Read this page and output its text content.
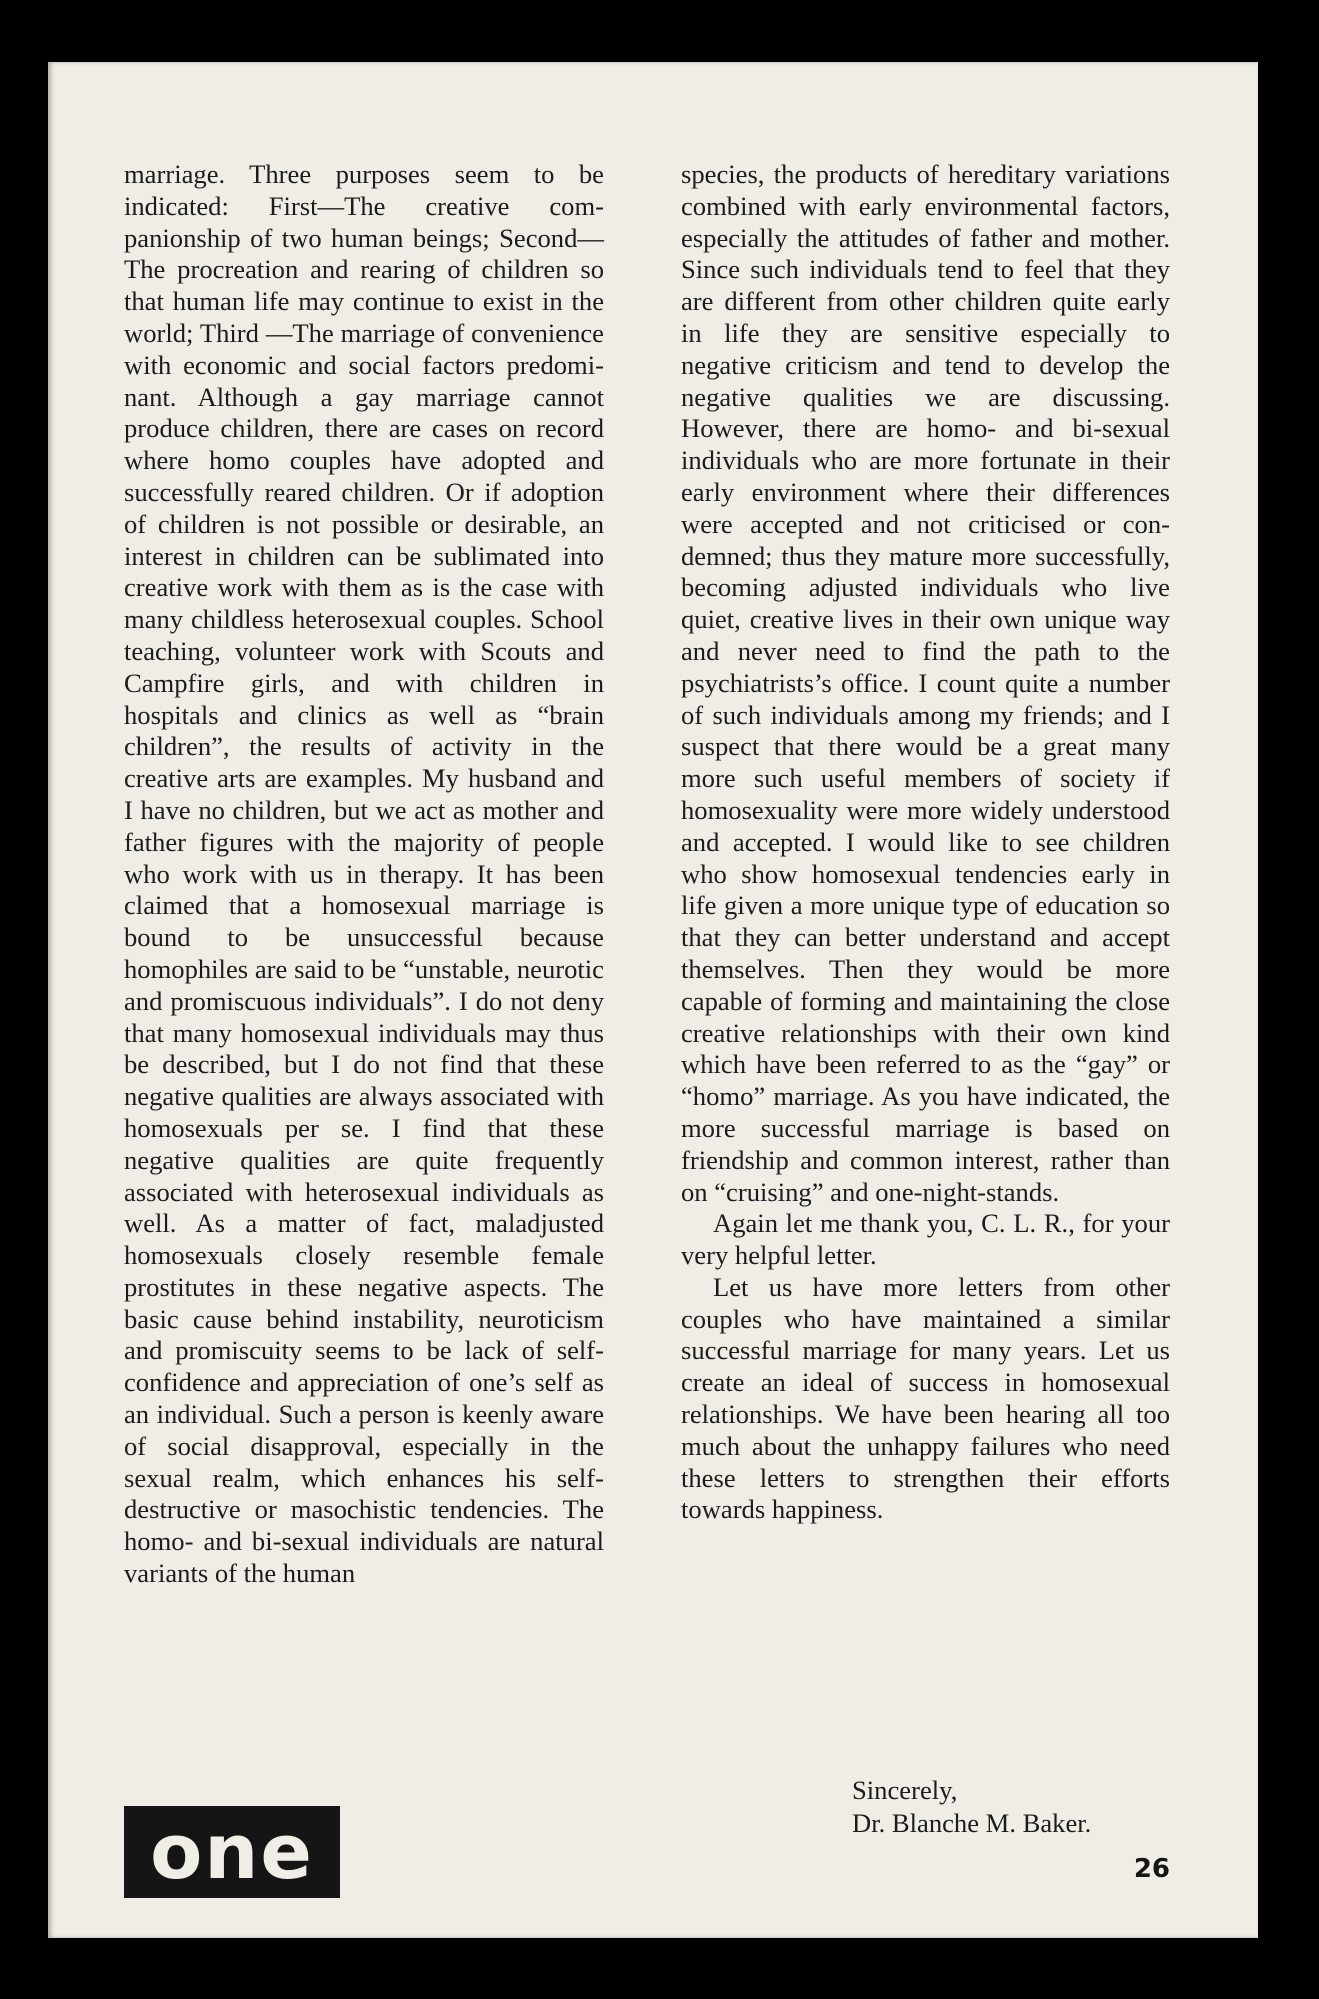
marriage. Three purposes seem to be indicated: First—The creative companionship of two human beings; Second—The procreation and rearing of children so that human life may continue to exist in the world; Third —The marriage of convenience with economic and social factors predominant. Although a gay marriage cannot produce children, there are cases on record where homo couples have adopted and successfully reared children. Or if adoption of children is not possible or desirable, an interest in children can be sublimated into creative work with them as is the case with many childless heterosexual couples. School teaching, volunteer work with Scouts and Campfire girls, and with children in hospitals and clinics as well as “brain children”, the results of activity in the creative arts are examples. My husband and I have no children, but we act as mother and father figures with the majority of people who work with us in therapy. It has been claimed that a homosexual marriage is bound to be unsuccessful because homophiles are said to be “unstable, neurotic and promiscuous individuals”. I do not deny that many homosexual individuals may thus be described, but I do not find that these negative qualities are always associated with homosexuals per se. I find that these negative qualities are quite frequently associated with heterosexual individuals as well. As a matter of fact, maladjusted homosexuals closely resemble female prostitutes in these negative aspects. The basic cause behind instability, neuroticism and promiscuity seems to be lack of self-confidence and appreciation of one’s self as an individual. Such a person is keenly aware of social disapproval, especially in the sexual realm, which enhances his self-destructive or masochistic tendencies. The homo- and bi-sexual individuals are natural variants of the human

species, the products of hereditary variations combined with early environmental factors, especially the attitudes of father and mother. Since such individuals tend to feel that they are different from other children quite early in life they are sensitive especially to negative criticism and tend to develop the negative qualities we are discussing. However, there are homo- and bi-sexual individuals who are more fortunate in their early environment where their differences were accepted and not criticised or condemned; thus they mature more successfully, becoming adjusted individuals who live quiet, creative lives in their own unique way and never need to find the path to the psychiatrists’s office. I count quite a number of such individuals among my friends; and I suspect that there would be a great many more such useful members of society if homosexuality were more widely understood and accepted. I would like to see children who show homosexual tendencies early in life given a more unique type of education so that they can better understand and accept themselves. Then they would be more capable of forming and maintaining the close creative relationships with their own kind which have been referred to as the “gay” or “homo” marriage. As you have indicated, the more successful marriage is based on friendship and common interest, rather than on “cruising” and one-night-stands.

Again let me thank you, C. L. R., for your very helpful letter.

Let us have more letters from other couples who have maintained a similar successful marriage for many years. Let us create an ideal of success in homosexual relationships. We have been hearing all too much about the unhappy failures who need these letters to strengthen their efforts towards happiness.

Sincerely,
Dr. Blanche M. Baker.
one	26
